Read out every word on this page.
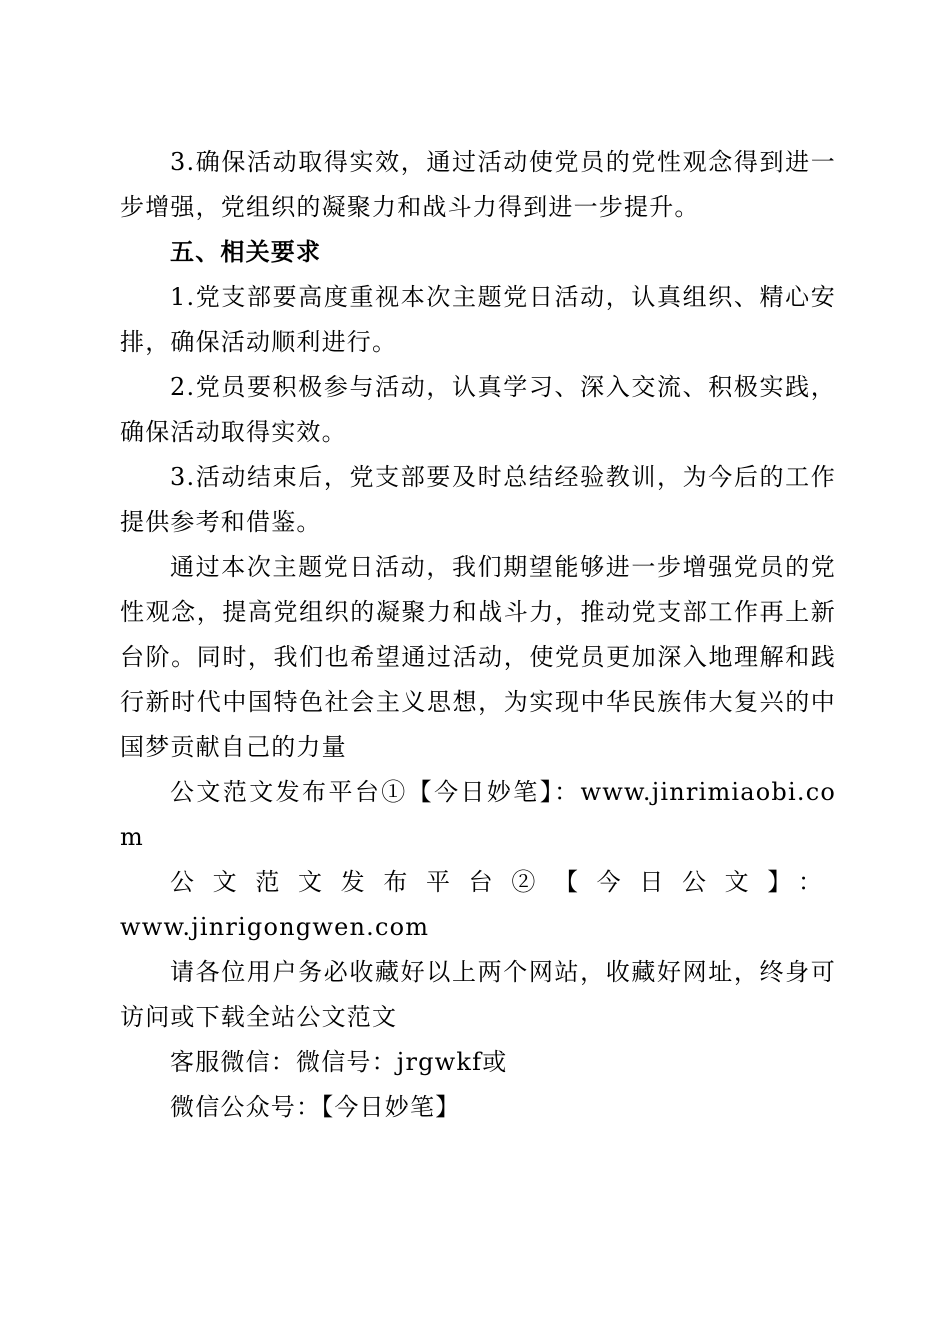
3.确保活动取得实效，通过活动使党员的党性观念得到进一步增强，党组织的凝聚力和战斗力得到进一步提升。

五、相关要求

1.党支部要高度重视本次主题党日活动，认真组织、精心安排，确保活动顺利进行。

2.党员要积极参与活动，认真学习、深入交流、积极实践，确保活动取得实效。

3.活动结束后，党支部要及时总结经验教训，为今后的工作提供参考和借鉴。

通过本次主题党日活动，我们期望能够进一步增强党员的党性观念，提高党组织的凝聚力和战斗力，推动党支部工作再上新台阶。同时，我们也希望通过活动，使党员更加深入地理解和践行新时代中国特色社会主义思想，为实现中华民族伟大复兴的中国梦贡献自己的力量

公文范文发布平台①【今日妙笔】：www.jinrimiaobi.com

公文范文发布平台②【今日公文】：

www.jinrigongwen.com

请各位用户务必收藏好以上两个网站，收藏好网址，终身可访问或下载全站公文范文

客服微信：微信号：jrgwkf或

微信公众号：【今日妙笔】
